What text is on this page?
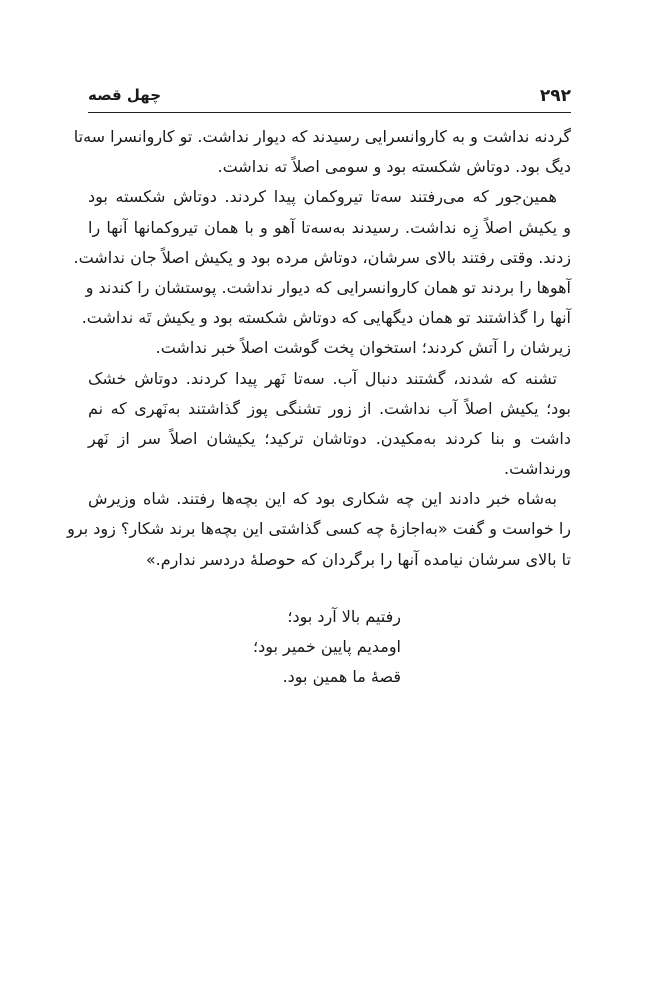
۲۹۲
چهل قصه
گردنه نداشت و به کاروانسرایی رسیدند که دیوار نداشت. تو کاروانسرا سه‌تا
دیگ بود. دوتاش شکسته بود و سومی اصلاً ته نداشت.
همین‌جور که می‌رفتند سه‌تا تیروکمان پیدا کردند. دوتاش شکسته بود
و یکیش اصلاً زِه نداشت. رسیدند به‌سه‌تا آهو و با همان تیروکمانها آنها را
زدند. وقتی رفتند بالای سرشان، دوتاش مرده بود و یکیش اصلاً جان نداشت.
آهوها را بردند تو همان کاروانسرایی که دیوار نداشت. پوستشان را کندند و
آنها را گذاشتند تو همان دیگهایی که دوتاش شکسته بود و یکیش تَه نداشت.
زیرشان را آتش کردند؛ استخوان پخت گوشت اصلاً خبر نداشت.
تشنه که شدند، گشتند دنبال آب. سه‌تا نَهر پیدا کردند. دوتاش خشک
بود؛ یکیش اصلاً آب نداشت. از زور تشنگی پوز گذاشتند به‌نَهری که نم
داشت و بنا کردند به‌مکیدن. دوتاشان ترکید؛ یکیشان اصلاً سر از نَهر
ورنداشت.
به‌شاه خبر دادند این چه شکاری بود که این بچه‌ها رفتند. شاه وزیرش
را خواست و گفت «به‌اجازهٔ چه کسی گذاشتی این بچه‌ها برند شکار؟ زود برو
تا بالای سرشان نیامده آنها را برگردان که حوصلهٔ دردسر ندارم.»
رفتیم بالا آرد بود؛
اومدیم پایین خمیر بود؛
قصهٔ ما همین بود.
